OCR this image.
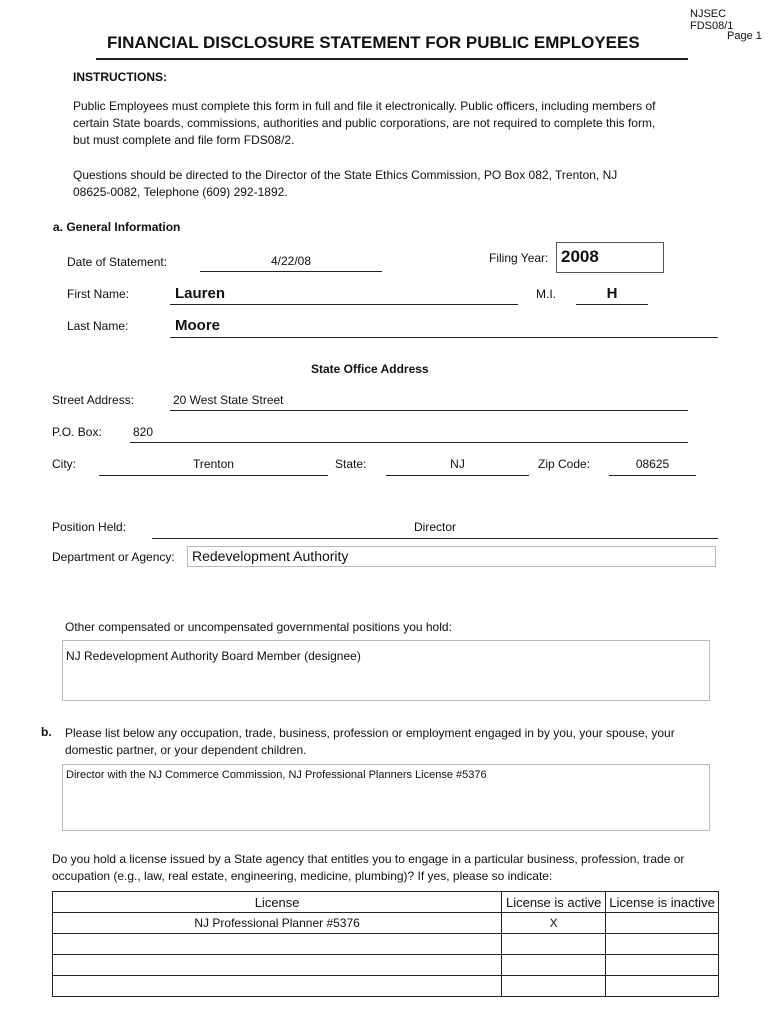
NJSEC FDS08/1
Page 1
FINANCIAL DISCLOSURE STATEMENT FOR PUBLIC EMPLOYEES
INSTRUCTIONS:
Public Employees must complete this form in full and file it electronically. Public officers, including members of
certain State boards, commissions, authorities and public corporations, are not required to complete this form,
but must complete and file form FDS08/2.
Questions should be directed to the Director of the State Ethics Commission, PO Box 082, Trenton, NJ
08625-0082, Telephone (609) 292-1892.
a. General Information
Date of Statement:	4/22/08	Filing Year: 2008
First Name:	Lauren	M.I.	H
Last Name:	Moore
State Office Address
Street Address:	20 West State Street
P.O. Box:	820
City:	Trenton	State:	NJ	Zip Code:	08625
Position Held:	Director
Department or Agency:	Redevelopment Authority
Other compensated or uncompensated governmental positions you hold:
NJ Redevelopment Authority Board Member (designee)
b. Please list below any occupation, trade, business, profession or employment engaged in by you, your spouse, your
domestic partner, or your dependent children.
Director with the NJ Commerce Commission, NJ Professional Planners License #5376
Do you hold a license issued by a State agency that entitles you to engage in a particular business, profession, trade or
occupation (e.g., law, real estate, engineering, medicine, plumbing)? If yes, please so indicate:
License	License is active	License is inactive
NJ Professional Planner #5376	X	
